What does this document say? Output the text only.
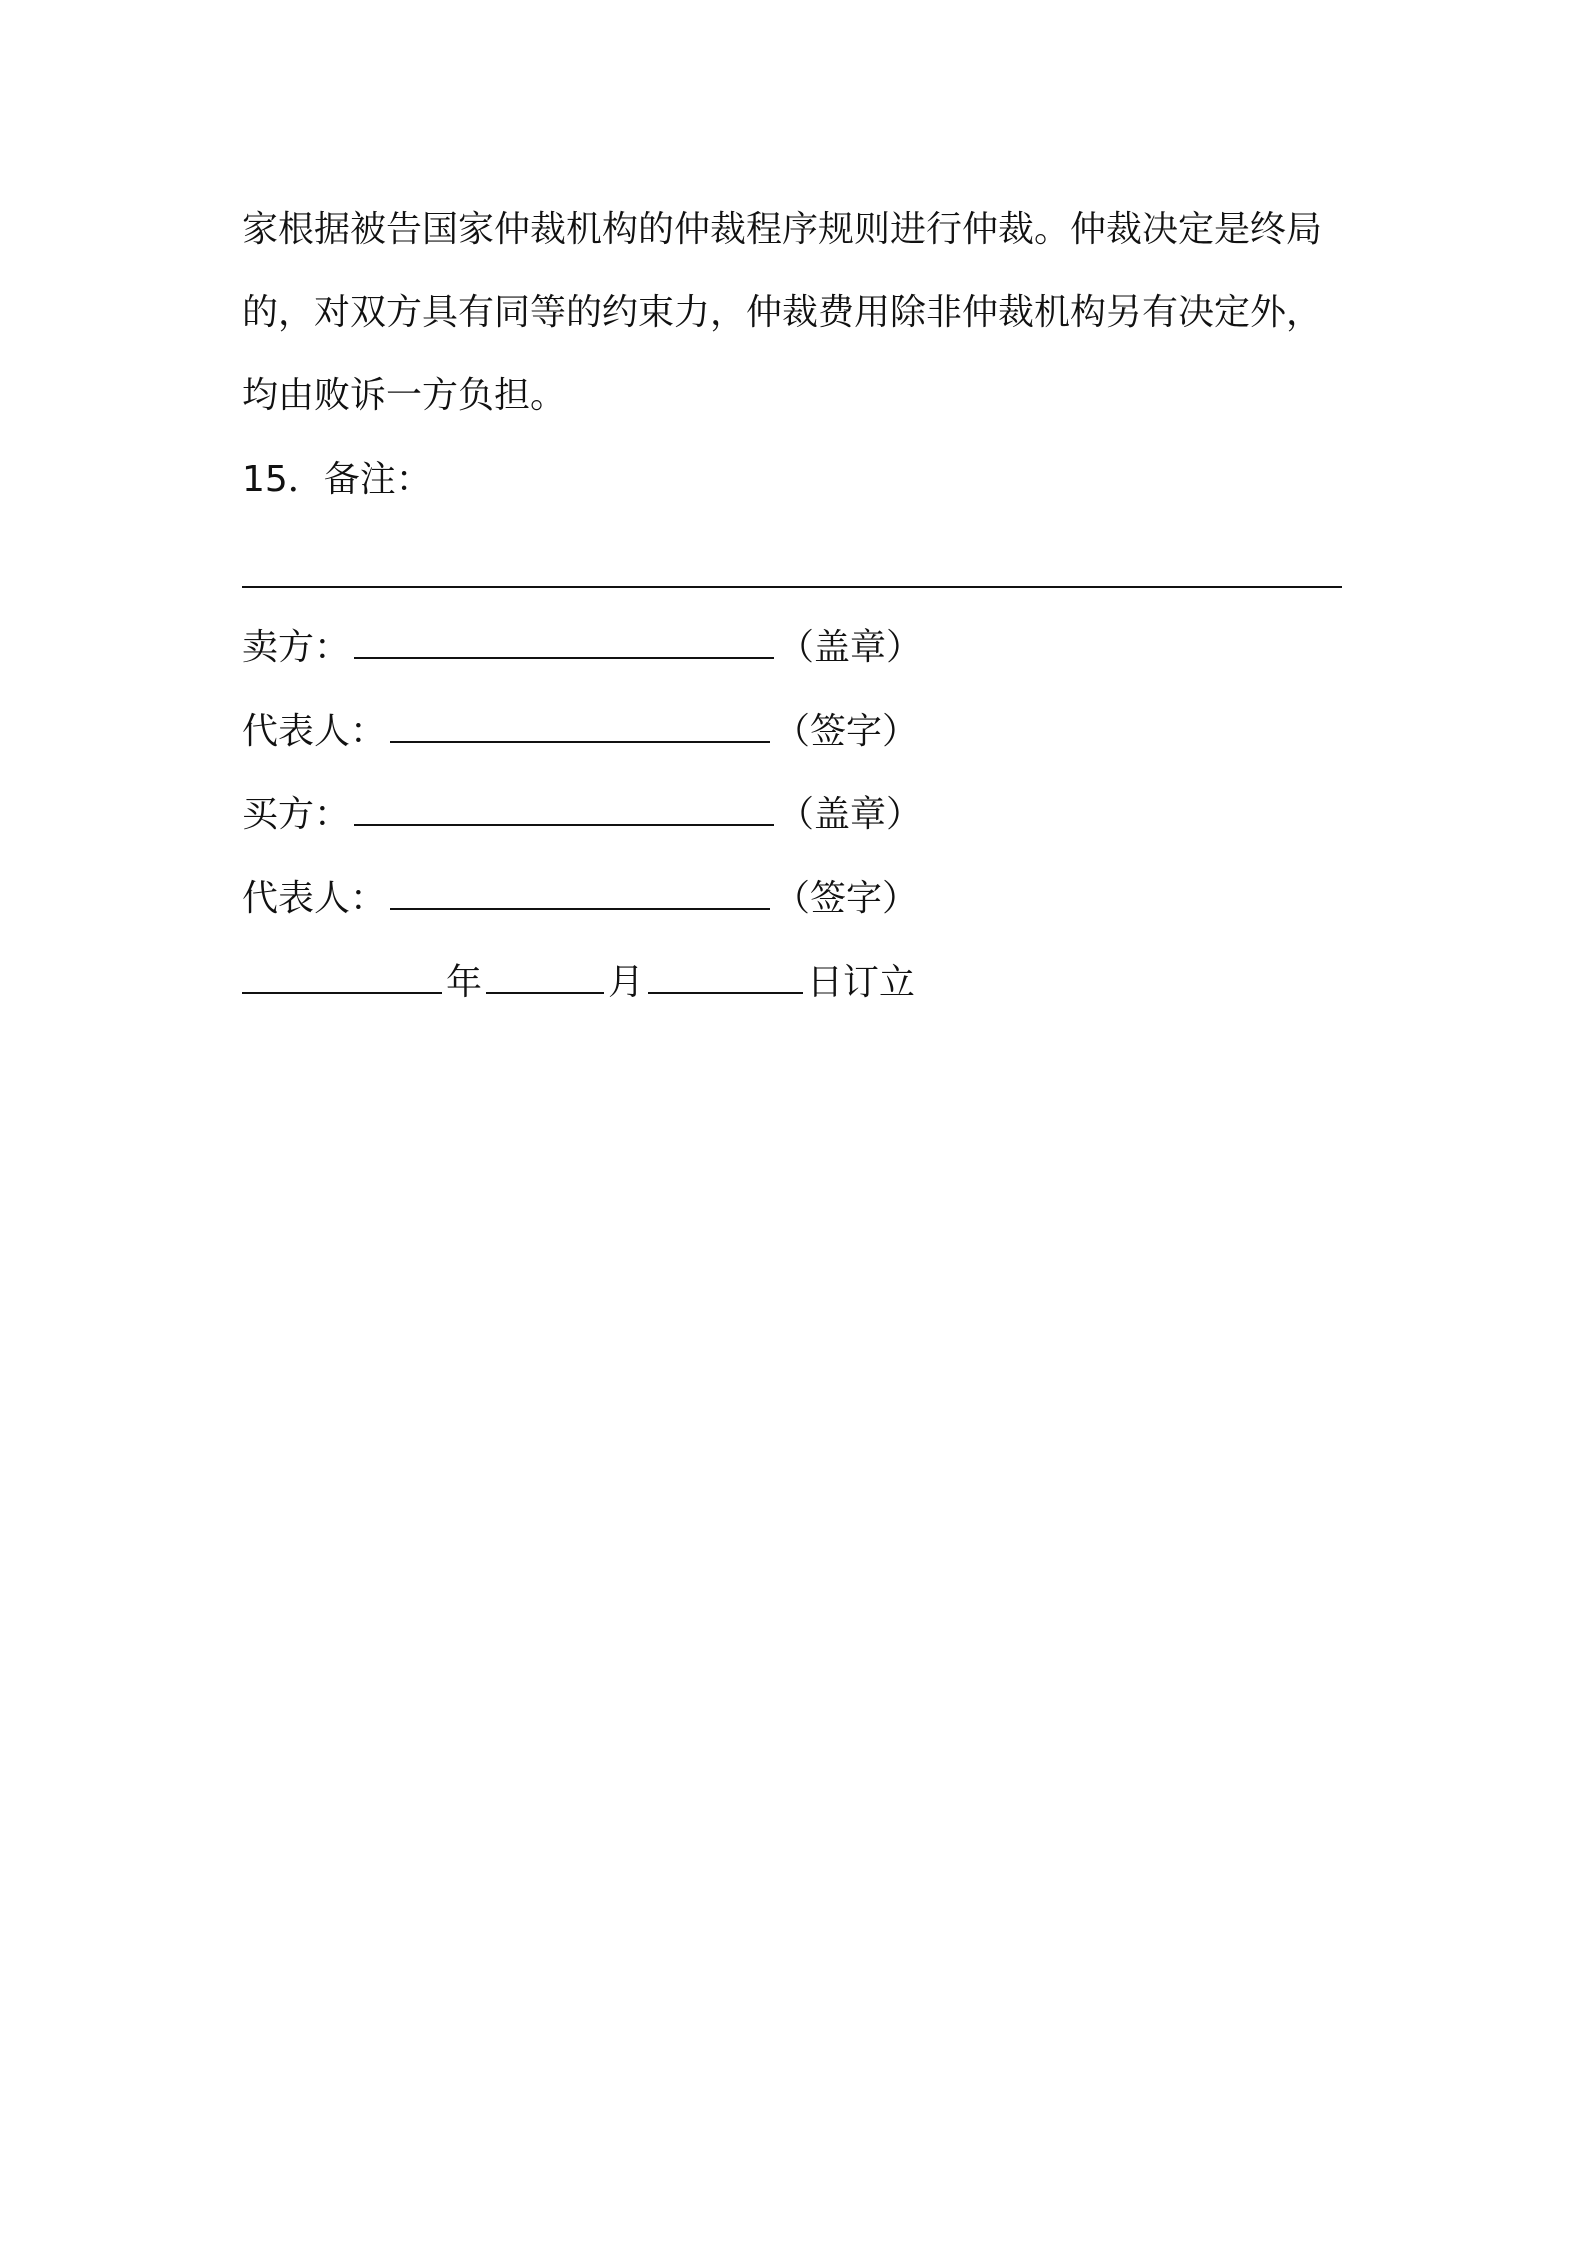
家根据被告国家仲裁机构的仲裁程序规则进行仲裁。仲裁决定是终局
的，对双方具有同等的约束力，仲裁费用除非仲裁机构另有决定外，
均由败诉一方负担。
15．备注：
卖方：	（盖章）
代表人：	（签字）
买方：	（盖章）
代表人：	（签字）
年	月	日订立
